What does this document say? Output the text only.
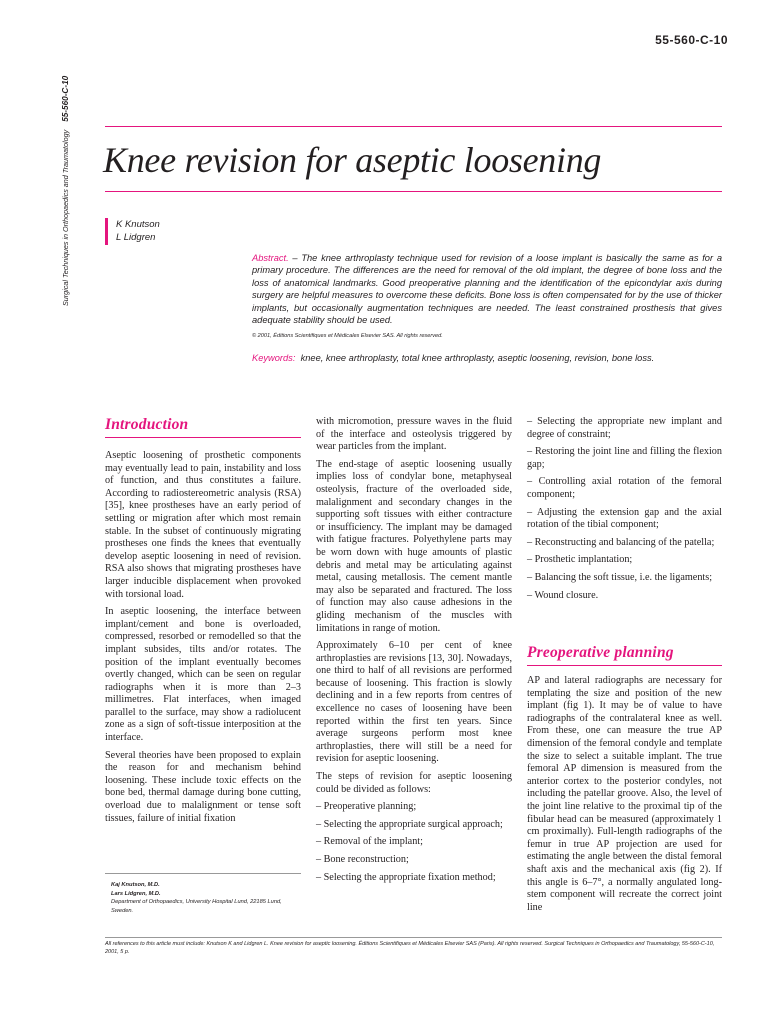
Surgical Techniques in Orthopaedics and Traumatology 55-560-C-10
55-560-C-10
Knee revision for aseptic loosening
K Knutson
L Lidgren
Abstract. – The knee arthroplasty technique used for revision of a loose implant is basically the same as for a primary procedure. The differences are the need for removal of the old implant, the degree of bone loss and the loss of anatomical landmarks. Good preoperative planning and the identification of the epicondylar axis during surgery are helpful measures to overcome these deficits. Bone loss is often compensated for by the use of thicker implants, but occasionally augmentation techniques are needed. The least constrained prosthesis that gives adequate stability should be used.
© 2001, Éditions Scientifiques et Médicales Elsevier SAS. All rights reserved.
Keywords: knee, knee arthroplasty, total knee arthroplasty, aseptic loosening, revision, bone loss.
Introduction

Aseptic loosening of prosthetic components may eventually lead to pain, instability and loss of function, and thus constitutes a failure. According to radiostereometric analysis (RSA) [35], knee prostheses have an early period of settling or migration after which most remain stable. In the subset of continuously migrating prostheses one finds the knees that eventually develop aseptic loosening in need of revision. RSA also shows that migrating prostheses have larger inducible displacement when provoked with torsional load.

In aseptic loosening, the interface between implant/cement and bone is overloaded, compressed, resorbed or remodelled so that the implant subsides, tilts and/or rotates. The position of the implant eventually becomes overtly changed, which can be seen on regular radiographs when it is more than 2–3 millimetres. Flat interfaces, when imaged parallel to the surface, may show a radiolucent zone as a sign of soft-tissue interposition at the interface.

Several theories have been proposed to explain the reason for and mechanism behind loosening. These include toxic effects on the bone bed, thermal damage during bone cutting, overload due to malalignment or tense soft tissues, failure of initial fixation

with micromotion, pressure waves in the fluid of the interface and osteolysis triggered by wear particles from the implant.

The end-stage of aseptic loosening usually implies loss of condylar bone, metaphyseal osteolysis, fracture of the overloaded side, malalignment and secondary changes in the supporting soft tissues with either contracture or insufficiency. The implant may be damaged with fatigue fractures. Polyethylene parts may be worn down with huge amounts of plastic debris and metal may be articulating against metal, causing metallosis. The cement mantle may also be separated and fractured. The loss of function may also cause adhesions in the gliding mechanism of the muscles with limitations in range of motion.

Approximately 6–10 per cent of knee arthroplasties are revisions [13, 30]. Nowadays, one third to half of all revisions are performed because of loosening. This fraction is slowly declining and in a few reports from centres of excellence no cases of loosening have been reported within the first ten years. Since average surgeons perform most knee arthroplasties, there will still be a need for revision for aseptic loosening.

The steps of revision for aseptic loosening could be divided as follows:

– Preoperative planning;

– Selecting the appropriate surgical approach;

– Removal of the implant;

– Bone reconstruction;

– Selecting the appropriate fixation method;

– Selecting the appropriate new implant and degree of constraint;

– Restoring the joint line and filling the flexion gap;

– Controlling axial rotation of the femoral component;

– Adjusting the extension gap and the axial rotation of the tibial component;

– Reconstructing and balancing of the patella;

– Prosthetic implantation;

– Balancing the soft tissue, i.e. the ligaments;

– Wound closure.

Preoperative planning

AP and lateral radiographs are necessary for templating the size and position of the new implant (fig 1). It may be of value to have radiographs of the contralateral knee as well. From these, one can measure the true AP dimension of the femoral condyle and template the size to select a suitable implant. The true femoral AP dimension is measured from the anterior cortex to the posterior condyles, not including the patellar groove. Also, the level of the joint line relative to the proximal tip of the fibular head can be measured (approximately 1 cm proximally). Full-length radiographs of the femur in true AP projection are used for estimating the angle between the distal femoral shaft axis and the mechanical axis (fig 2). If this angle is 6–7°, a normally angulated long-stem component will recreate the correct joint line

Kaj Knutson, M.D.
Lars Lidgren, M.D.
Department of Orthopaedics, University Hospital Lund, 22185 Lund, Sweden.
All references to this article must include: Knutson K and Lidgren L. Knee revision for aseptic loosening. Éditions Scientifiques et Médicales Elsevier SAS (Paris). All rights reserved. Surgical Techniques in Orthopaedics and Traumatology, 55-560-C-10, 2001, 5 p.
